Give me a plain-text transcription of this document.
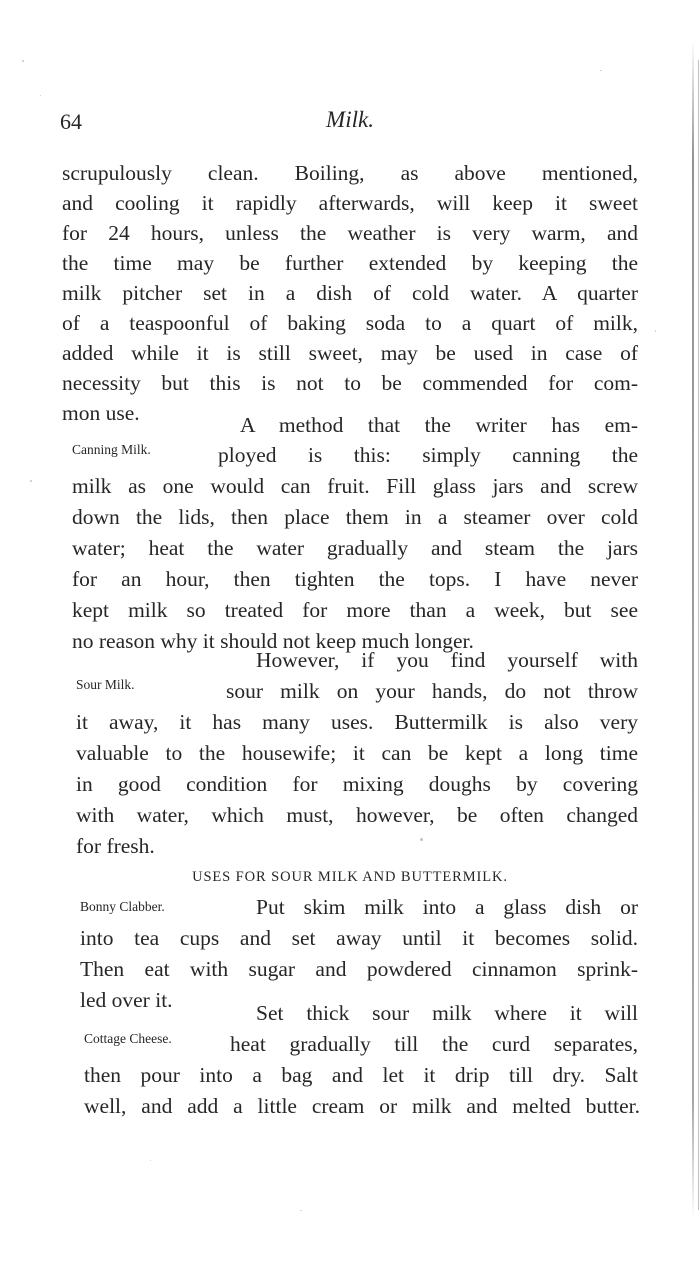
64	Milk.
scrupulously clean. Boiling, as above mentioned,
and cooling it rapidly afterwards, will keep it sweet
for 24 hours, unless the weather is very warm, and
the time may be further extended by keeping the
milk pitcher set in a dish of cold water. A quarter
of a teaspoonful of baking soda to a quart of milk,
added while it is still sweet, may be used in case of
necessity but this is not to be commended for com-
mon use.	A method that the writer has em-
Canning Milk.	ployed is this: simply canning the
milk as one would can fruit. Fill glass jars and screw
down the lids, then place them in a steamer over cold
water; heat the water gradually and steam the jars
for an hour, then tighten the tops. I have never
kept milk so treated for more than a week, but see
no reason why it should not keep much longer.
However, if you find yourself with
Sour Milk.	sour milk on your hands, do not throw
it away, it has many uses. Buttermilk is also very
valuable to the housewife; it can be kept a long time
in good condition for mixing doughs by covering
with water, which must, however, be often changed
for fresh.
USES FOR SOUR MILK AND BUTTERMILK.
Bonny Clabber.	Put skim milk into a glass dish or
into tea cups and set away until it becomes solid.
Then eat with sugar and powdered cinnamon sprink-
led over it.
Set thick sour milk where it will
Cottage Cheese.	heat gradually till the curd separates,
then pour into a bag and let it drip till dry. Salt
well, and add a little cream or milk and melted butter.
